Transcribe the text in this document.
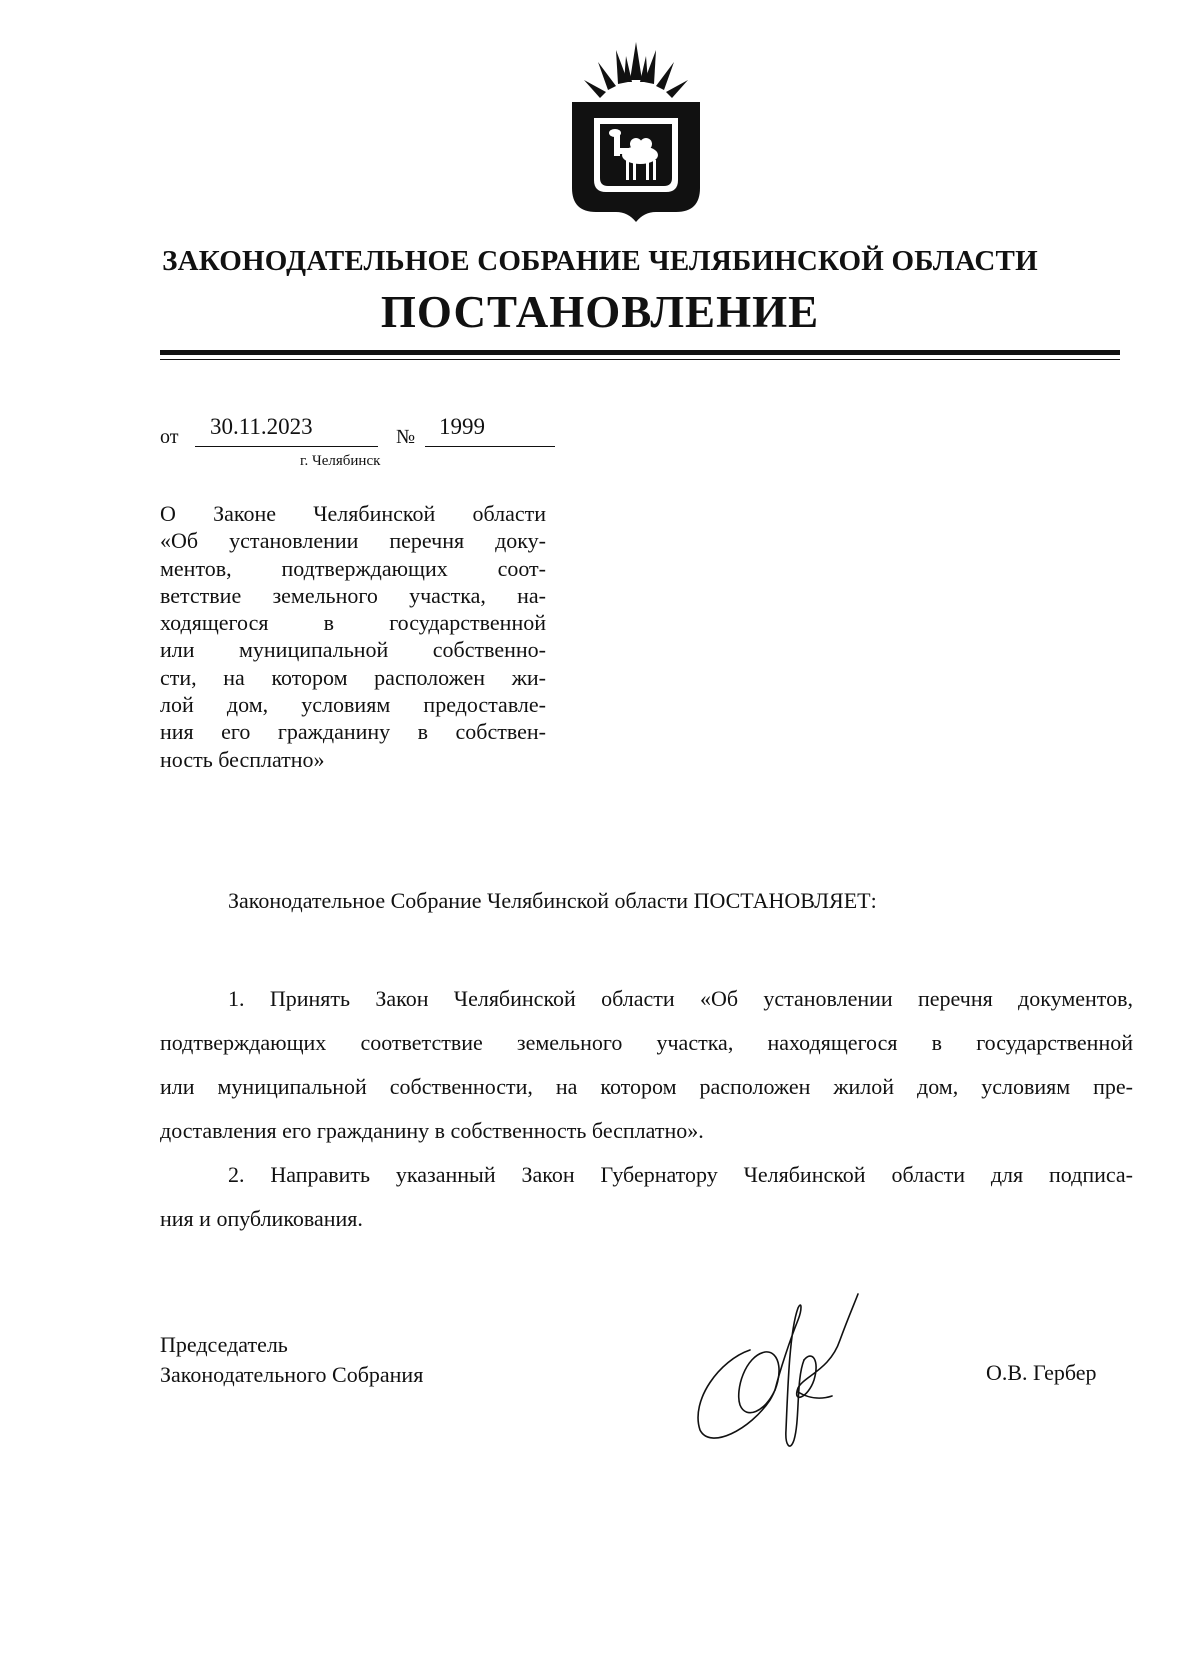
ЗАКОНОДАТЕЛЬНОЕ СОБРАНИЕ ЧЕЛЯБИНСКОЙ ОБЛАСТИ
ПОСТАНОВЛЕНИЕ
от 30.11.2023	№ 1999
г. Челябинск
О Законе Челябинской области
«Об установлении перечня доку-
ментов, подтверждающих соот-
ветствие земельного участка, на-
ходящегося в государственной
или муниципальной собственно-
сти, на котором расположен жи-
лой дом, условиям предоставле-
ния его гражданину в собствен-
ность бесплатно»
Законодательное Собрание Челябинской области ПОСТАНОВЛЯЕТ:
1. Принять Закон Челябинской области «Об установлении перечня документов,
подтверждающих соответствие земельного участка, находящегося в государственной
или муниципальной собственности, на котором расположен жилой дом, условиям пре-
доставления его гражданину в собственность бесплатно».
2. Направить указанный Закон Губернатору Челябинской области для подписа-
ния и опубликования.
Председатель
Законодательного Собрания	О.В. Гербер
